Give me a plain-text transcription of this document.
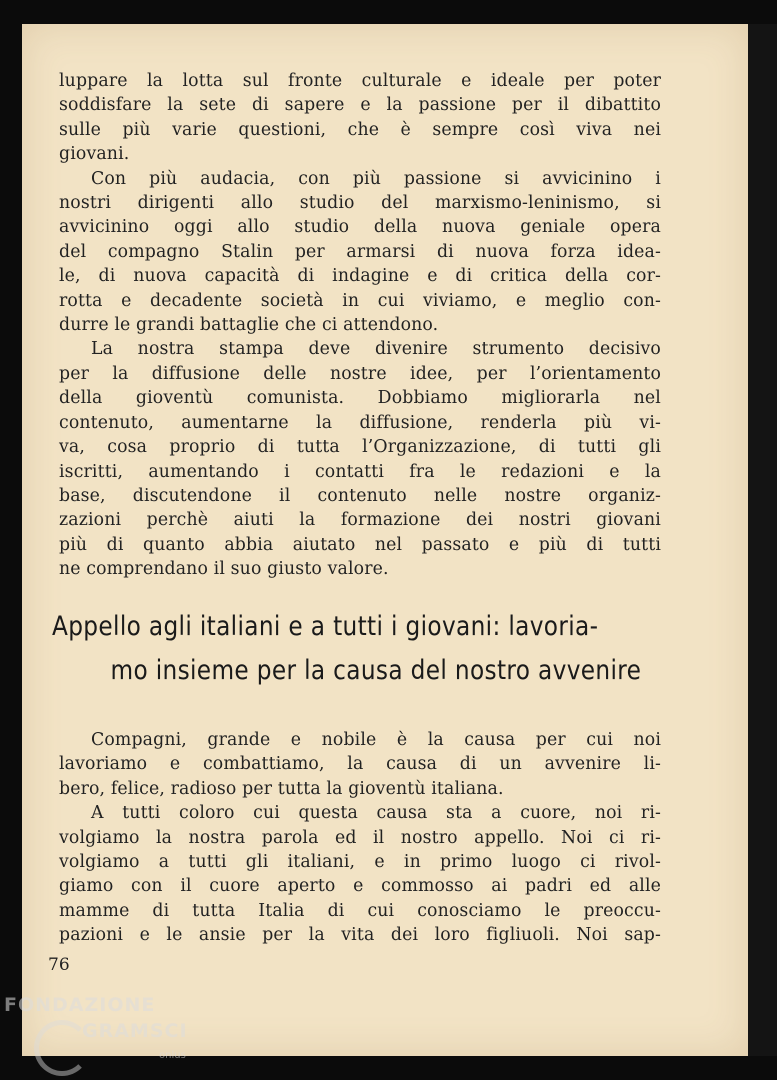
luppare la lotta sul fronte culturale e ideale per poter
soddisfare la sete di sapere e la passione per il dibattito
sulle più varie questioni, che è sempre così viva nei
giovani.

Con più audacia, con più passione si avvicinino i
nostri dirigenti allo studio del marxismo-leninismo, si
avvicinino oggi allo studio della nuova geniale opera
del compagno Stalin per armarsi di nuova forza idea-
le, di nuova capacità di indagine e di critica della cor-
rotta e decadente società in cui viviamo, e meglio con-
durre le grandi battaglie che ci attendono.

La nostra stampa deve divenire strumento decisivo
per la diffusione delle nostre idee, per l’orientamento
della gioventù comunista. Dobbiamo migliorarla nel
contenuto, aumentarne la diffusione, renderla più vi-
va, cosa proprio di tutta l’Organizzazione, di tutti gli
iscritti, aumentando i contatti fra le redazioni e la
base, discutendone il contenuto nelle nostre organiz-
zazioni perchè aiuti la formazione dei nostri giovani
più di quanto abbia aiutato nel passato e più di tutti
ne comprendano il suo giusto valore.

Appello agli italiani e a tutti i giovani: lavoria-
mo insieme per la causa del nostro avvenire

Compagni, grande e nobile è la causa per cui noi
lavoriamo e combattiamo, la causa di un avvenire li-
bero, felice, radioso per tutta la gioventù italiana.

A tutti coloro cui questa causa sta a cuore, noi ri-
volgiamo la nostra parola ed il nostro appello. Noi ci ri-
volgiamo a tutti gli italiani, e in primo luogo ci rivol-
giamo con il cuore aperto e commosso ai padri ed alle
mamme di tutta Italia di cui conosciamo le preoccu-
pazioni e le ansie per la vita dei loro figliuoli. Noi sap-

76
FONDAZIONE
GRAMSCI
onlus
